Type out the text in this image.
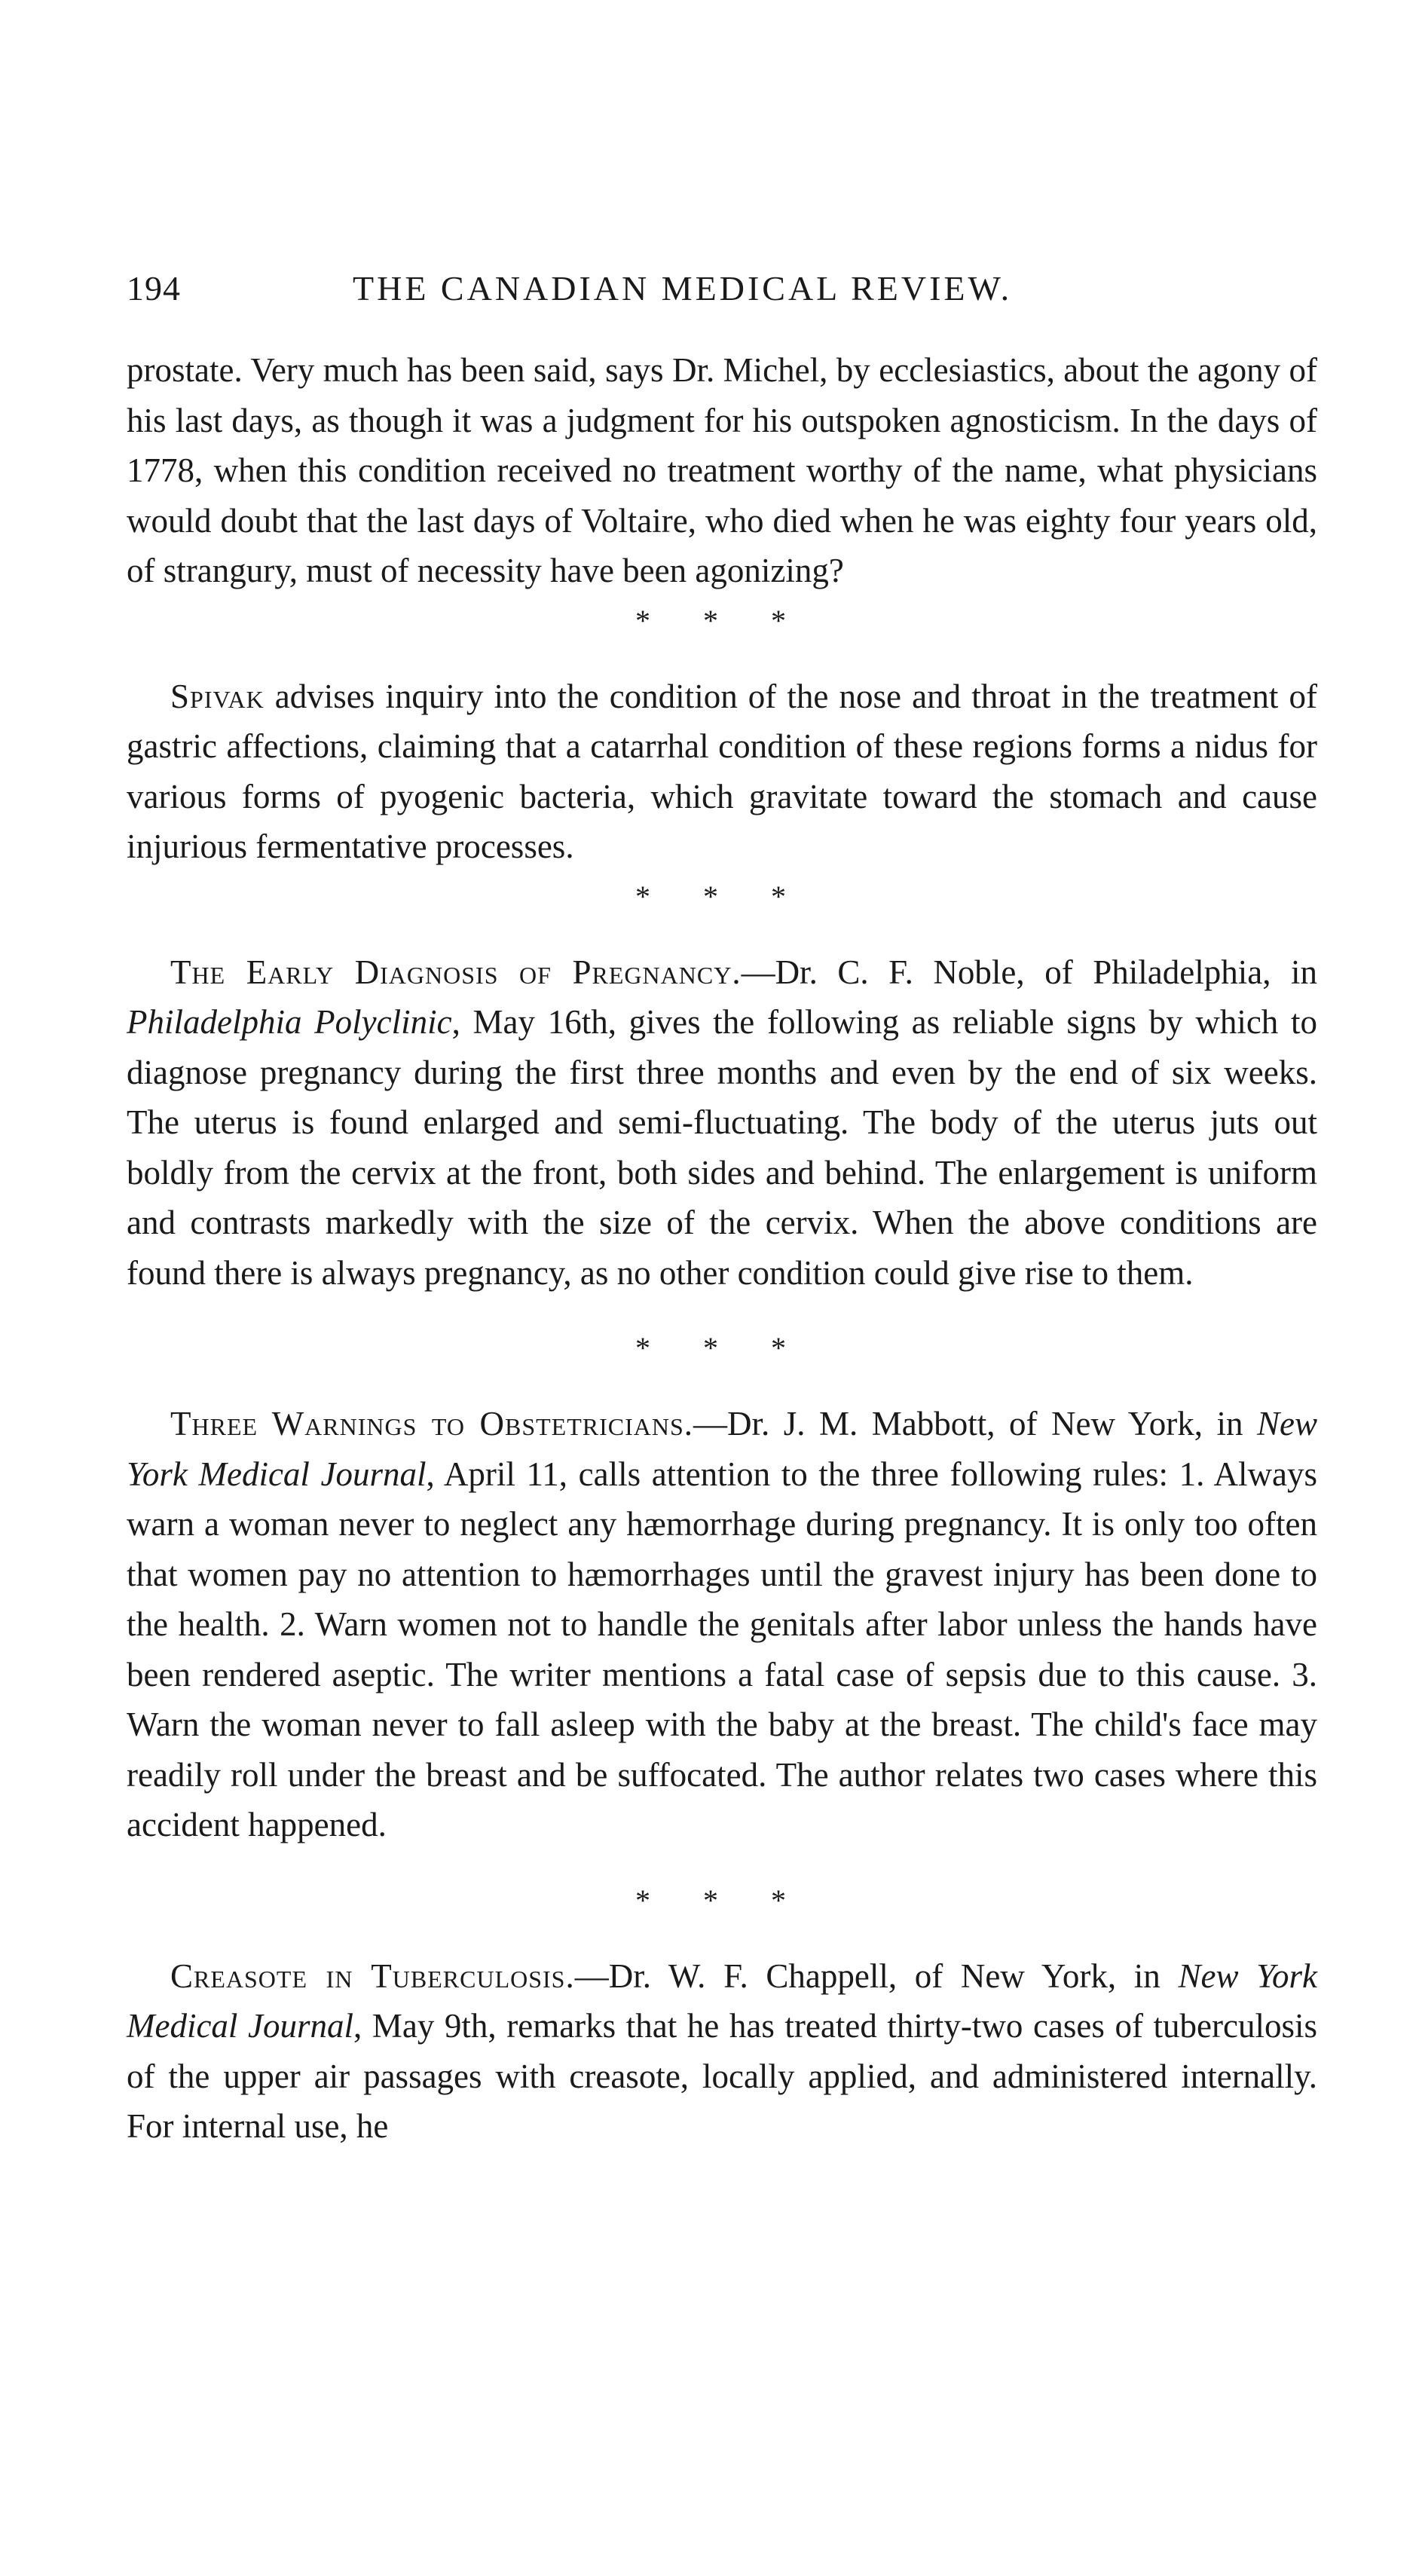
194	THE CANADIAN MEDICAL REVIEW.

prostate. Very much has been said, says Dr. Michel, by ecclesiastics, about the agony of his last days, as though it was a judgment for his outspoken agnosticism. In the days of 1778, when this condition received no treatment worthy of the name, what physicians would doubt that the last days of Voltaire, who died when he was eighty four years old, of strangury, must of necessity have been agonizing?

* * *

Spivak advises inquiry into the condition of the nose and throat in the treatment of gastric affections, claiming that a catarrhal condition of these regions forms a nidus for various forms of pyogenic bacteria, which gravitate toward the stomach and cause injurious fermentative processes.

* * *

The Early Diagnosis of Pregnancy.—Dr. C. F. Noble, of Philadelphia, in Philadelphia Polyclinic, May 16th, gives the following as reliable signs by which to diagnose pregnancy during the first three months and even by the end of six weeks. The uterus is found enlarged and semi-fluctuating. The body of the uterus juts out boldly from the cervix at the front, both sides and behind. The enlargement is uniform and contrasts markedly with the size of the cervix. When the above conditions are found there is always pregnancy, as no other condition could give rise to them.

* * *

Three Warnings to Obstetricians.—Dr. J. M. Mabbott, of New York, in New York Medical Journal, April 11, calls attention to the three following rules: 1. Always warn a woman never to neglect any hæmorrhage during pregnancy. It is only too often that women pay no attention to hæmorrhages until the gravest injury has been done to the health. 2. Warn women not to handle the genitals after labor unless the hands have been rendered aseptic. The writer mentions a fatal case of sepsis due to this cause. 3. Warn the woman never to fall asleep with the baby at the breast. The child's face may readily roll under the breast and be suffocated. The author relates two cases where this accident happened.

* * *

Creasote in Tuberculosis.—Dr. W. F. Chappell, of New York, in New York Medical Journal, May 9th, remarks that he has treated thirty-two cases of tuberculosis of the upper air passages with creasote, locally applied, and administered internally. For internal use, he
